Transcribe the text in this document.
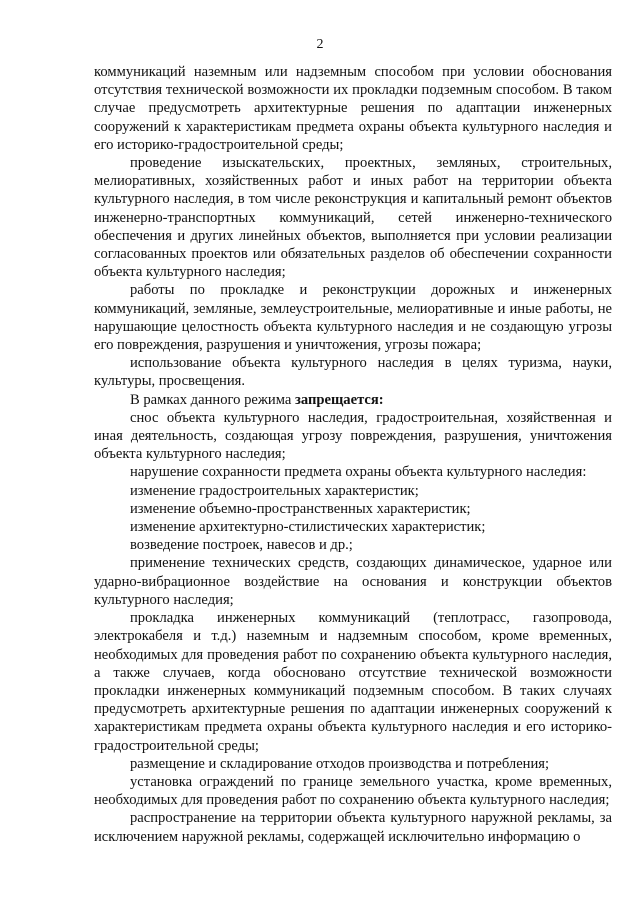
2

коммуникаций наземным или надземным способом при условии обоснования отсутствия технической возможности их прокладки подземным способом. В таком случае предусмотреть архитектурные решения по адаптации инженерных сооружений к характеристикам предмета охраны объекта культурного наследия и его историко-градостроительной среды;

проведение изыскательских, проектных, земляных, строительных, мелиоративных, хозяйственных работ и иных работ на территории объекта культурного наследия, в том числе реконструкция и капитальный ремонт объектов инженерно-транспортных коммуникаций, сетей инженерно-технического обеспечения и других линейных объектов, выполняется при условии реализации согласованных проектов или обязательных разделов об обеспечении сохранности объекта культурного наследия;

работы по прокладке и реконструкции дорожных и инженерных коммуникаций, земляные, землеустроительные, мелиоративные и иные работы, не нарушающие целостность объекта культурного наследия и не создающую угрозы его повреждения, разрушения и уничтожения, угрозы пожара;

использование объекта культурного наследия в целях туризма, науки, культуры, просвещения.

В рамках данного режима запрещается:

снос объекта культурного наследия, градостроительная, хозяйственная и иная деятельность, создающая угрозу повреждения, разрушения, уничтожения объекта культурного наследия;

нарушение сохранности предмета охраны объекта культурного наследия:

изменение градостроительных характеристик;

изменение объемно-пространственных характеристик;

изменение архитектурно-стилистических характеристик;

возведение построек, навесов и др.;

применение технических средств, создающих динамическое, ударное или ударно-вибрационное воздействие на основания и конструкции объектов культурного наследия;

прокладка инженерных коммуникаций (теплотрасс, газопровода, электрокабеля и т.д.) наземным и надземным способом, кроме временных, необходимых для проведения работ по сохранению объекта культурного наследия, а также случаев, когда обосновано отсутствие технической возможности прокладки инженерных коммуникаций подземным способом. В таких случаях предусмотреть архитектурные решения по адаптации инженерных сооружений к характеристикам предмета охраны объекта культурного наследия и его историко-градостроительной среды;

размещение и складирование отходов производства и потребления;

установка ограждений по границе земельного участка, кроме временных, необходимых для проведения работ по сохранению объекта культурного наследия;

распространение на территории объекта культурного наружной рекламы, за исключением наружной рекламы, содержащей исключительно информацию о
